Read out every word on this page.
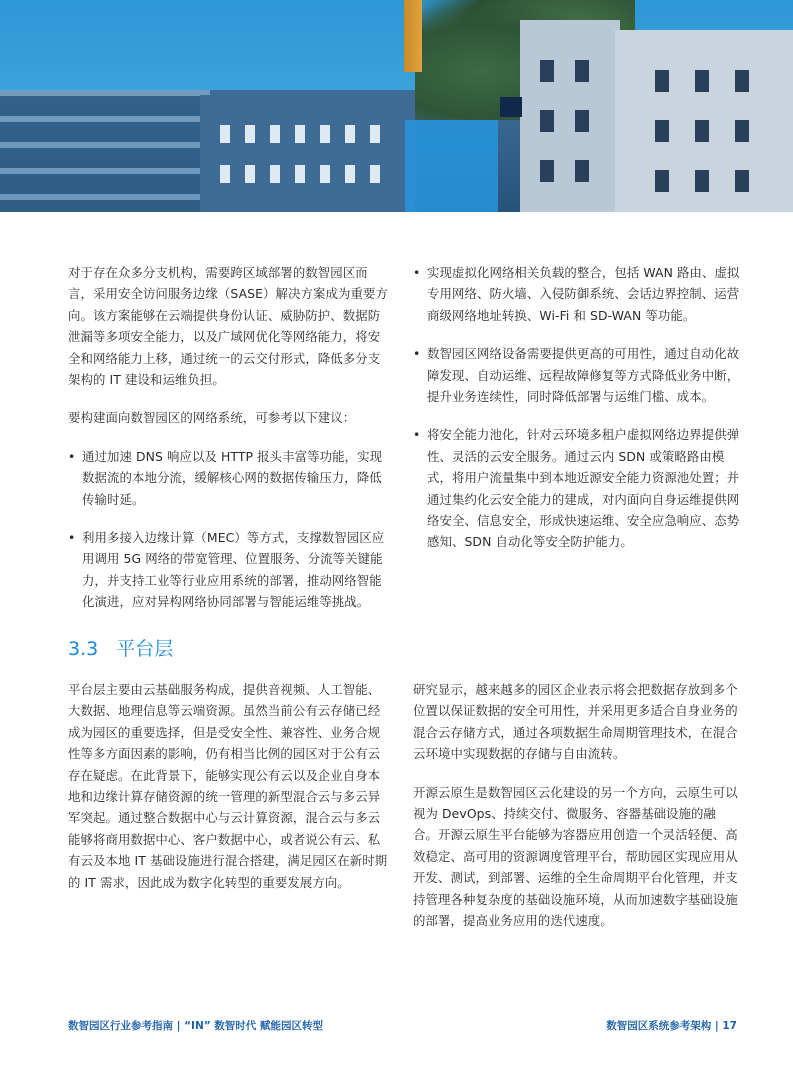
对于存在众多分支机构，需要跨区域部署的数智园区而言，采用安全访问服务边缘（SASE）解决方案成为重要方向。该方案能够在云端提供身份认证、威胁防护、数据防泄漏等多项安全能力，以及广域网优化等网络能力，将安全和网络能力上移，通过统一的云交付形式，降低多分支架构的 IT 建设和运维负担。

要构建面向数智园区的网络系统，可参考以下建议：

• 通过加速 DNS 响应以及 HTTP 报头丰富等功能，实现数据流的本地分流，缓解核心网的数据传输压力，降低传输时延。
• 利用多接入边缘计算（MEC）等方式，支撑数智园区应用调用 5G 网络的带宽管理、位置服务、分流等关键能力，并支持工业等行业应用系统的部署，推动网络智能化演进，应对异构网络协同部署与智能运维等挑战。
• 实现虚拟化网络相关负载的整合，包括 WAN 路由、虚拟专用网络、防火墙、入侵防御系统、会话边界控制、运营商级网络地址转换、Wi-Fi 和 SD-WAN 等功能。
• 数智园区网络设备需要提供更高的可用性，通过自动化故障发现、自动运维、远程故障修复等方式降低业务中断，提升业务连续性，同时降低部署与运维门槛、成本。
• 将安全能力池化，针对云环境多租户虚拟网络边界提供弹性、灵活的云安全服务。通过云内 SDN 或策略路由模式，将用户流量集中到本地近源安全能力资源池处置；并通过集约化云安全能力的建成，对内面向自身运维提供网络安全、信息安全，形成快速运维、安全应急响应、态势感知、SDN 自动化等安全防护能力。
3.3 平台层

平台层主要由云基础服务构成，提供音视频、人工智能、大数据、地理信息等云端资源。虽然当前公有云存储已经成为园区的重要选择，但是受安全性、兼容性、业务合规性等多方面因素的影响，仍有相当比例的园区对于公有云存在疑虑。在此背景下，能够实现公有云以及企业自身本地和边缘计算存储资源的统一管理的新型混合云与多云异军突起。通过整合数据中心与云计算资源，混合云与多云能够将商用数据中心、客户数据中心，或者说公有云、私有云及本地 IT 基础设施进行混合搭建，满足园区在新时期的 IT 需求，因此成为数字化转型的重要发展方向。

研究显示，越来越多的园区企业表示将会把数据存放到多个位置以保证数据的安全可用性，并采用更多适合自身业务的混合云存储方式，通过各项数据生命周期管理技术，在混合云环境中实现数据的存储与自由流转。

开源云原生是数智园区云化建设的另一个方向，云原生可以视为 DevOps、持续交付、微服务、容器基础设施的融合。开源云原生平台能够为容器应用创造一个灵活轻便、高效稳定、高可用的资源调度管理平台，帮助园区实现应用从开发、测试，到部署、运维的全生命周期平台化管理，并支持管理各种复杂度的基础设施环境，从而加速数字基础设施的部署，提高业务应用的迭代速度。

数智园区行业参考指南 | “IN” 数智时代 赋能园区转型	数智园区系统参考架构 | 17
